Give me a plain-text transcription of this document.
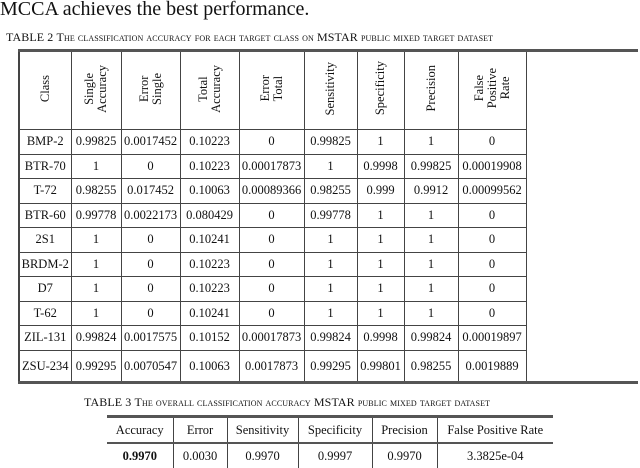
MCCA achieves the best performance.
TABLE 2 The classification accuracy for each target class on MSTAR public mixed target dataset
Class	Single
Accuracy	Error
Single	Total
Accuracy	Error
Total	Sensitivity	Specificity	Precision	False
Positive
Rate	
BMP-2	0.99825	0.0017452	0.10223	0	0.99825	1	1	0	
BTR-70	1	0	0.10223	0.00017873	1	0.9998	0.99825	0.00019908	
T-72	0.98255	0.017452	0.10063	0.00089366	0.98255	0.999	0.9912	0.00099562	
BTR-60	0.99778	0.0022173	0.080429	0	0.99778	1	1	0	
2S1	1	0	0.10241	0	1	1	1	0	
BRDM-2	1	0	0.10223	0	1	1	1	0	
D7	1	0	0.10223	0	1	1	1	0	
T-62	1	0	0.10241	0	1	1	1	0	
ZIL-131	0.99824	0.0017575	0.10152	0.00017873	0.99824	0.9998	0.99824	0.00019897	
ZSU-234	0.99295	0.0070547	0.10063	0.0017873	0.99295	0.99801	0.98255	0.0019889	
TABLE 3 The overall classification accuracy MSTAR public mixed target dataset
Accuracy	Error	Sensitivity	Specificity	Precision	False Positive Rate
0.9970	0.0030	0.9970	0.9997	0.9970	3.3825e-04
